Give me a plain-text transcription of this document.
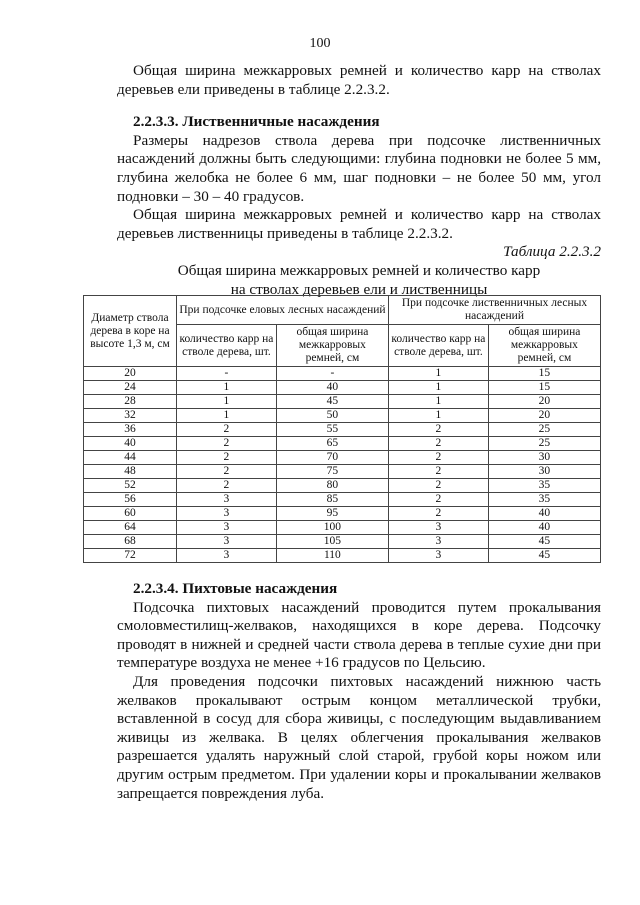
100

Общая ширина межкарровых ремней и количество карр на стволах деревьев ели приведены в таблице 2.2.3.2.

2.2.3.3. Лиственничные насаждения

Размеры надрезов ствола дерева при подсочке лиственничных насаждений должны быть следующими: глубина подновки не более 5 мм, глубина желобка не более 6 мм, шаг подновки – не более 50 мм, угол подновки – 30 – 40 градусов.

Общая ширина межкарровых ремней и количество карр на стволах деревьев лиственницы приведены в таблице 2.2.3.2.

Таблица 2.2.3.2

Общая ширина межкарровых ремней и количество карр

на стволах деревьев ели и лиственницы

Диаметр ствола дерева в коре на высоте 1,3 м, см	При подсочке еловых лесных насаждений		При подсочке лиственничных лесных насаждений	
	количество карр на стволе дерева, шт.	общая ширина межкарровых ремней, см	количество карр на стволе дерева, шт.	общая ширина межкарровых ремней, см
20	-	-	1	15
24	1	40	1	15
28	1	45	1	20
32	1	50	1	20
36	2	55	2	25
40	2	65	2	25
44	2	70	2	30
48	2	75	2	30
52	2	80	2	35
56	3	85	2	35
60	3	95	2	40
64	3	100	3	40
68	3	105	3	45
72	3	110	3	45
2.2.3.4. Пихтовые насаждения

Подсочка пихтовых насаждений проводится путем прокалывания смоловместилищ-желваков, находящихся в коре дерева. Подсочку проводят в нижней и средней части ствола дерева в теплые сухие дни при температуре воздуха не менее +16 градусов по Цельсию.

Для проведения подсочки пихтовых насаждений нижнюю часть желваков прокалывают острым концом металлической трубки, вставленной в сосуд для сбора живицы, с последующим выдавливанием живицы из желвака. В целях облегчения прокалывания желваков разрешается удалять наружный слой старой, грубой коры ножом или другим острым предметом. При удалении коры и прокалывании желваков запрещается повреждения луба.
